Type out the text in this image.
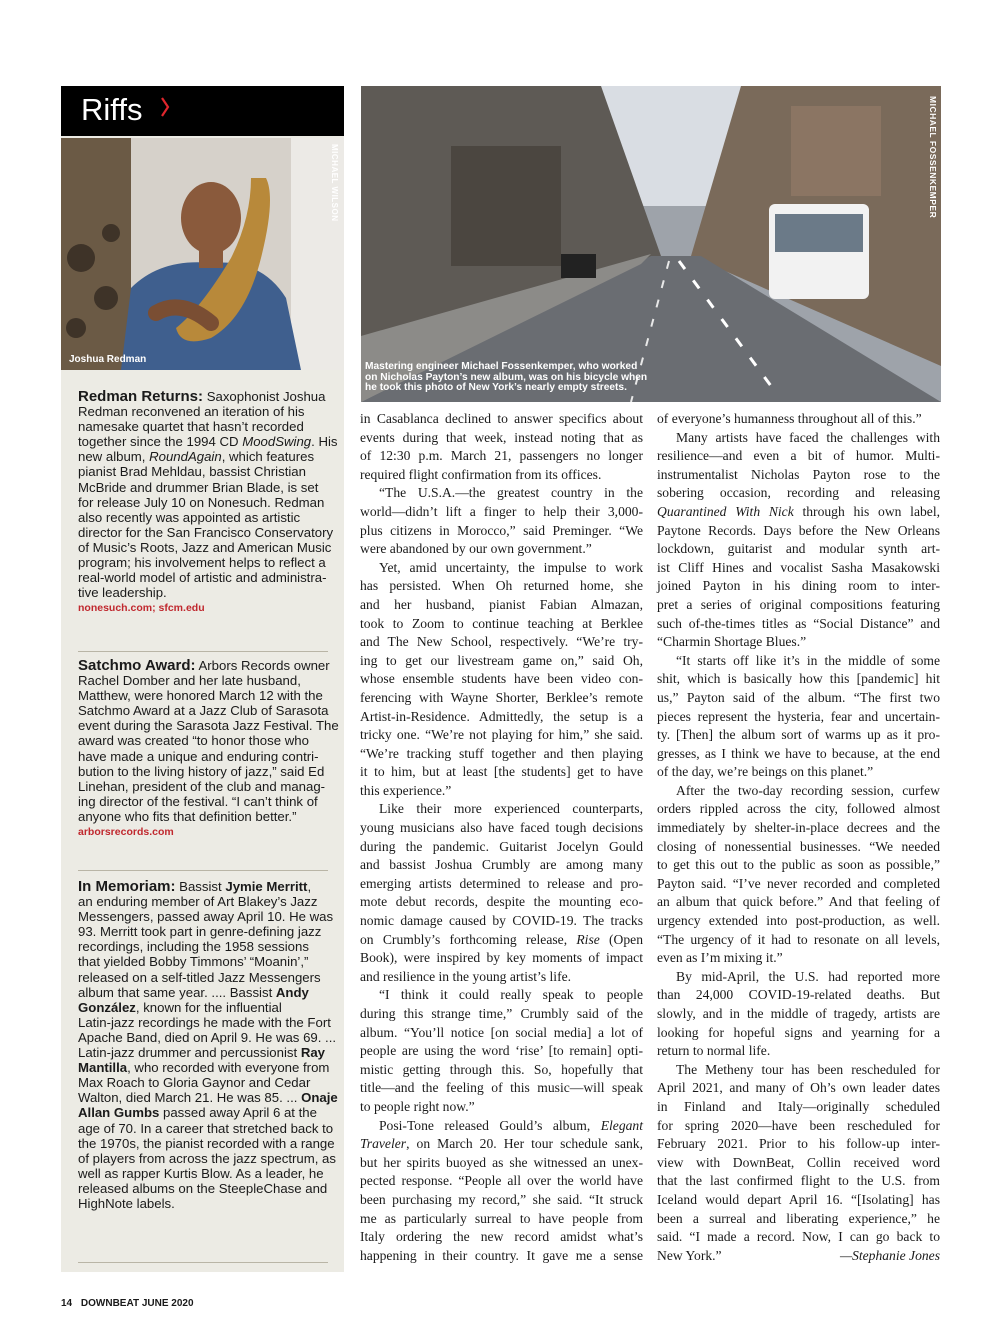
Riffs
Joshua Redman
MICHAEL WILSON
Redman Returns: Saxophonist Joshua
Redman reconvened an iteration of his
namesake quartet that hasn’t recorded
together since the 1994 CD MoodSwing. His
new album, RoundAgain, which features
pianist Brad Mehldau, bassist Christian
McBride and drummer Brian Blade, is set
for release July 10 on Nonesuch. Redman
also recently was appointed as artistic
director for the San Francisco Conservatory
of Music’s Roots, Jazz and American Music
program; his involvement helps to reflect a
real-world model of artistic and administra-
tive leadership.
nonesuch.com; sfcm.edu
Satchmo Award: Arbors Records owner
Rachel Domber and her late husband,
Matthew, were honored March 12 with the
Satchmo Award at a Jazz Club of Sarasota
event during the Sarasota Jazz Festival. The
award was created “to honor those who
have made a unique and enduring contri-
bution to the living history of jazz,” said Ed
Linehan, president of the club and manag-
ing director of the festival. “I can’t think of
anyone who fits that definition better.”
arborsrecords.com
In Memoriam: Bassist Jymie Merritt,
an enduring member of Art Blakey’s Jazz
Messengers, passed away April 10. He was
93. Merritt took part in genre-defining jazz
recordings, including the 1958 sessions
that yielded Bobby Timmons’ “Moanin’,”
released on a self-titled Jazz Messengers
album that same year. .... Bassist Andy
González, known for the influential
Latin-jazz recordings he made with the Fort
Apache Band, died on April 9. He was 69. ...
Latin-jazz drummer and percussionist Ray
Mantilla, who recorded with everyone from
Max Roach to Gloria Gaynor and Cedar
Walton, died March 21. He was 85. ... Onaje
Allan Gumbs passed away April 6 at the
age of 70. In a career that stretched back to
the 1970s, the pianist recorded with a range
of players from across the jazz spectrum, as
well as rapper Kurtis Blow. As a leader, he
released albums on the SteepleChase and
HighNote labels.
MICHAEL FOSSENKEMPER
Mastering engineer Michael Fossenkemper, who worked
on Nicholas Payton’s new album, was on his bicycle when
he took this photo of New York’s nearly empty streets.
in Casablanca declined to answer specifics about
events during that week, instead noting that as
of 12:30 p.m. March 21, passengers no longer
required flight confirmation from its offices.
“The U.S.A.—the greatest country in the
world—didn’t lift a finger to help their 3,000-
plus citizens in Morocco,” said Preminger. “We
were abandoned by our own government.”
Yet, amid uncertainty, the impulse to work
has persisted. When Oh returned home, she
and her husband, pianist Fabian Almazan,
took to Zoom to continue teaching at Berklee
and The New School, respectively. “We’re try-
ing to get our livestream game on,” said Oh,
whose ensemble students have been video con-
ferencing with Wayne Shorter, Berklee’s remote
Artist-in-Residence. Admittedly, the setup is a
tricky one. “We’re not playing for him,” she said.
“We’re tracking stuff together and then playing
it to him, but at least [the students] get to have
this experience.”
Like their more experienced counterparts,
young musicians also have faced tough decisions
during the pandemic. Guitarist Jocelyn Gould
and bassist Joshua Crumbly are among many
emerging artists determined to release and pro-
mote debut records, despite the mounting eco-
nomic damage caused by COVID-19. The tracks
on Crumbly’s forthcoming release, Rise (Open
Book), were inspired by key moments of impact
and resilience in the young artist’s life.
“I think it could really speak to people
during this strange time,” Crumbly said of the
album. “You’ll notice [on social media] a lot of
people are using the word ‘rise’ [to remain] opti-
mistic getting through this. So, hopefully that
title—and the feeling of this music—will speak
to people right now.”
Posi-Tone released Gould’s album, Elegant
Traveler, on March 20. Her tour schedule sank,
but her spirits buoyed as she witnessed an unex-
pected response. “People all over the world have
been purchasing my record,” she said. “It struck
me as particularly surreal to have people from
Italy ordering the new record amidst what’s
happening in their country. It gave me a sense
of everyone’s humanness throughout all of this.”
Many artists have faced the challenges with
resilience—and even a bit of humor. Multi-
instrumentalist Nicholas Payton rose to the
sobering occasion, recording and releasing
Quarantined With Nick through his own label,
Paytone Records. Days before the New Orleans
lockdown, guitarist and modular synth art-
ist Cliff Hines and vocalist Sasha Masakowski
joined Payton in his dining room to inter-
pret a series of original compositions featuring
such of-the-times titles as “Social Distance” and
“Charmin Shortage Blues.”
“It starts off like it’s in the middle of some
shit, which is basically how this [pandemic] hit
us,” Payton said of the album. “The first two
pieces represent the hysteria, fear and uncertain-
ty. [Then] the album sort of warms up as it pro-
gresses, as I think we have to because, at the end
of the day, we’re beings on this planet.”
After the two-day recording session, curfew
orders rippled across the city, followed almost
immediately by shelter-in-place decrees and the
closing of nonessential businesses. “We needed
to get this out to the public as soon as possible,”
Payton said. “I’ve never recorded and completed
an album that quick before.” And that feeling of
urgency extended into post-production, as well.
“The urgency of it had to resonate on all levels,
even as I’m mixing it.”
By mid-April, the U.S. had reported more
than 24,000 COVID-19-related deaths. But
slowly, and in the middle of tragedy, artists are
looking for hopeful signs and yearning for a
return to normal life.
The Metheny tour has been rescheduled for
April 2021, and many of Oh’s own leader dates
in Finland and Italy—originally scheduled
for spring 2020—have been rescheduled for
February 2021. Prior to his follow-up inter-
view with DownBeat, Collin received word
that the last confirmed flight to the U.S. from
Iceland would depart April 16. “[Isolating] has
been a surreal and liberating experience,” he
said. “I made a record. Now, I can go back to
New York.”	—Stephanie Jones
14 DOWNBEAT JUNE 2020
